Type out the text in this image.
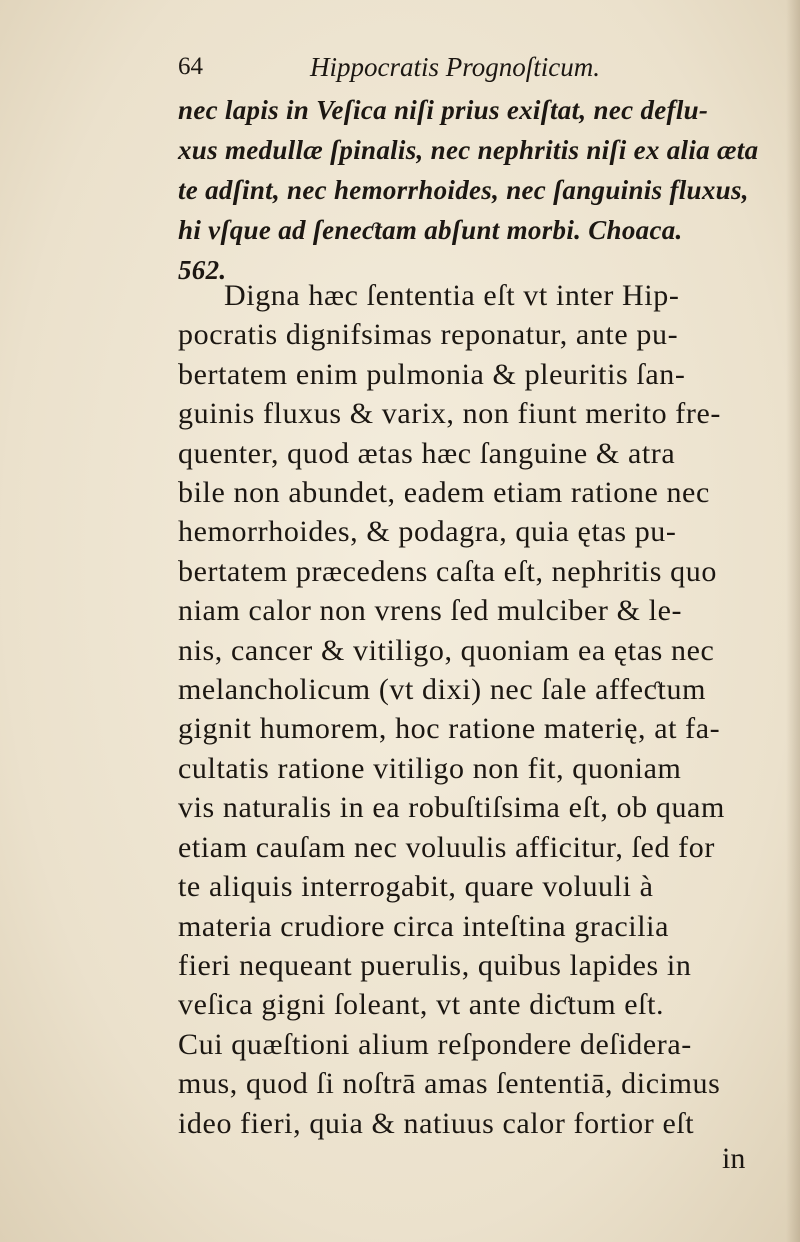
64	Hippocratis Prognoſticum.
nec lapis in Veſica niſi prius exiſtat, nec deflu-
xus medullæ ſpinalis, nec nephritis niſi ex alia æta
te adſint, nec hemorrhoides, nec ſanguinis fluxus,
hi vſque ad ſeneƈtam abſunt morbi. Choaca.
562.
Digna hæc ſententia eſt vt inter Hip-
pocratis dignifsimas reponatur, ante pu-
bertatem enim pulmonia & pleuritis ſan-
guinis fluxus & varix, non fiunt merito fre-
quenter, quod ætas hæc ſanguine & atra
bile non abundet, eadem etiam ratione nec
hemorrhoides, & podagra, quia ętas pu-
bertatem præcedens caſta eſt, nephritis quo
niam calor non vrens ſed mulciber & le-
nis, cancer & vitiligo, quoniam ea ętas nec
melancholicum (vt dixi) nec ſale affeƈtum
gignit humorem, hoc ratione materię, at fa-
cultatis ratione vitiligo non fit, quoniam
vis naturalis in ea robuſtiſsima eſt, ob quam
etiam cauſam nec voluulis afficitur, ſed for
te aliquis interrogabit, quare voluuli à
materia crudiore circa inteſtina gracilia
fieri nequeant puerulis, quibus lapides in
veſica gigni ſoleant, vt ante diƈtum eſt.
Cui quæſtioni alium reſpondere deſidera-
mus, quod ſi noſtrā amas ſententiā, dicimus
ideo fieri, quia & natiuus calor fortior eſt
in
